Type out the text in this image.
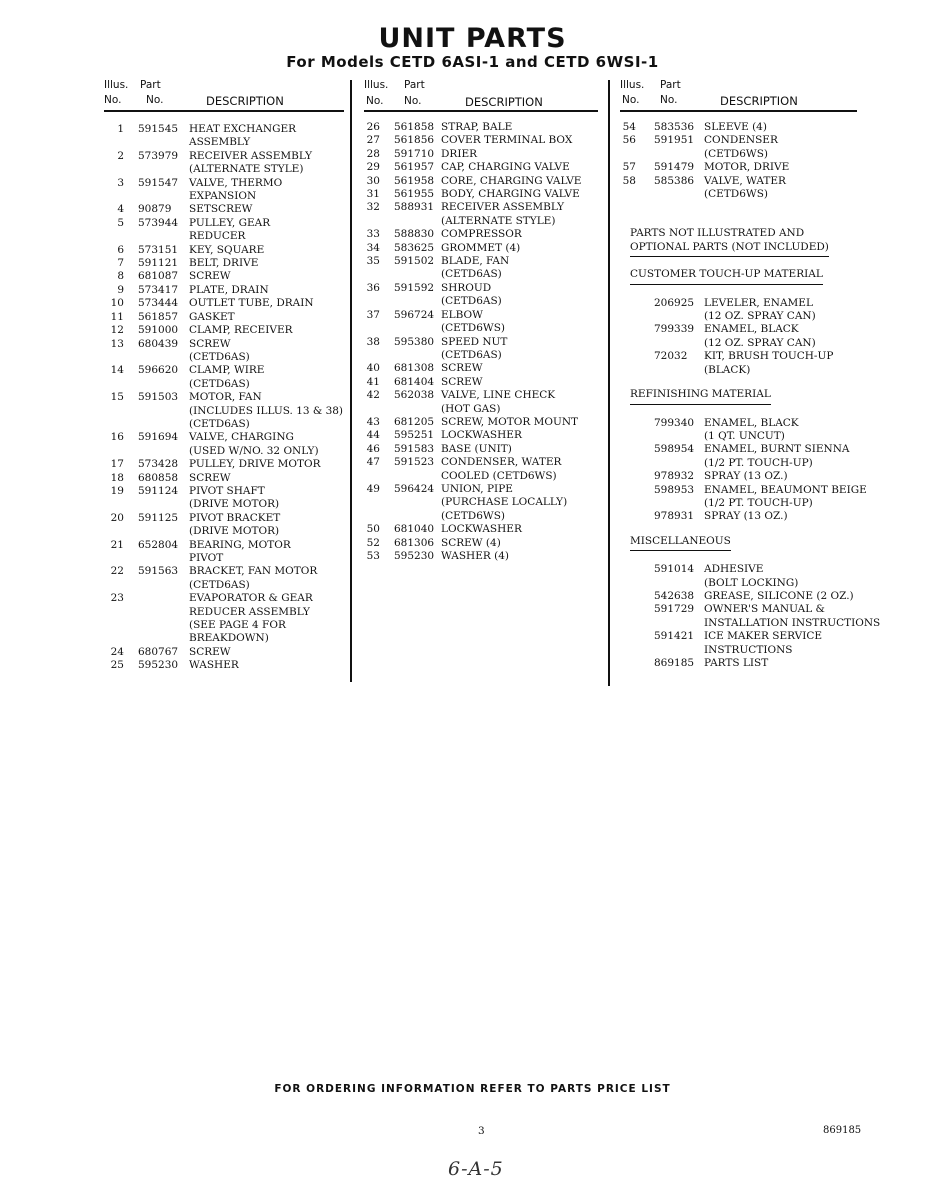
UNIT PARTS
For Models CETD 6ASI-1 and CETD 6WSI-1
Illus. Part
No. No.	DESCRIPTION
1 591545 HEAT EXCHANGER
ASSEMBLY
2 573979 RECEIVER ASSEMBLY
(ALTERNATE STYLE)
3 591547 VALVE, THERMO
EXPANSION
4 90879 SETSCREW
5 573944 PULLEY, GEAR
REDUCER
6 573151 KEY, SQUARE
7 591121 BELT, DRIVE
8 681087 SCREW
9 573417 PLATE, DRAIN
10 573444 OUTLET TUBE, DRAIN
11 561857 GASKET
12 591000 CLAMP, RECEIVER
13 680439 SCREW
(CETD6AS)
14 596620 CLAMP, WIRE
(CETD6AS)
15 591503 MOTOR, FAN
(INCLUDES ILLUS. 13 & 38)
(CETD6AS)
16 591694 VALVE, CHARGING
(USED W/NO. 32 ONLY)
17 573428 PULLEY, DRIVE MOTOR
18 680858 SCREW
19 591124 PIVOT SHAFT
(DRIVE MOTOR)
20 591125 PIVOT BRACKET
(DRIVE MOTOR)
21 652804 BEARING, MOTOR
PIVOT
22 591563 BRACKET, FAN MOTOR
(CETD6AS)
23	EVAPORATOR & GEAR
REDUCER ASSEMBLY
(SEE PAGE 4 FOR
BREAKDOWN)
24 680767 SCREW
25 595230 WASHER
Illus. Part
No. No.	DESCRIPTION
26 561858 STRAP, BALE
27 561856 COVER TERMINAL BOX
28 591710 DRIER
29 561957 CAP, CHARGING VALVE
30 561958 CORE, CHARGING VALVE
31 561955 BODY, CHARGING VALVE
32 588931 RECEIVER ASSEMBLY
(ALTERNATE STYLE)
33 588830 COMPRESSOR
34 583625 GROMMET (4)
35 591502 BLADE, FAN
(CETD6AS)
36 591592 SHROUD
(CETD6AS)
37 596724 ELBOW
(CETD6WS)
38 595380 SPEED NUT
(CETD6AS)
40 681308 SCREW
41 681404 SCREW
42 562038 VALVE, LINE CHECK
(HOT GAS)
43 681205 SCREW, MOTOR MOUNT
44 595251 LOCKWASHER
46 591583 BASE (UNIT)
47 591523 CONDENSER, WATER
COOLED (CETD6WS)
49 596424 UNION, PIPE
(PURCHASE LOCALLY)
(CETD6WS)
50 681040 LOCKWASHER
52 681306 SCREW (4)
53 595230 WASHER (4)
Illus. Part
No. No.	DESCRIPTION
54 583536 SLEEVE (4)
56 591951 CONDENSER
(CETD6WS)
57 591479 MOTOR, DRIVE
58 585386 VALVE, WATER
(CETD6WS)
PARTS NOT ILLUSTRATED AND
OPTIONAL PARTS (NOT INCLUDED)
CUSTOMER TOUCH-UP MATERIAL
206925 LEVELER, ENAMEL
(12 OZ. SPRAY CAN)
799339 ENAMEL, BLACK
(12 OZ. SPRAY CAN)
72032 KIT, BRUSH TOUCH-UP
(BLACK)
REFINISHING MATERIAL
799340 ENAMEL, BLACK
(1 QT. UNCUT)
598954 ENAMEL, BURNT SIENNA
(1/2 PT. TOUCH-UP)
978932 SPRAY (13 OZ.)
598953 ENAMEL, BEAUMONT BEIGE
(1/2 PT. TOUCH-UP)
978931 SPRAY (13 OZ.)
MISCELLANEOUS
591014 ADHESIVE
(BOLT LOCKING)
542638 GREASE, SILICONE (2 OZ.)
591729 OWNER'S MANUAL &
INSTALLATION INSTRUCTIONS
591421 ICE MAKER SERVICE
INSTRUCTIONS
869185 PARTS LIST
FOR ORDERING INFORMATION REFER TO PARTS PRICE LIST
3	869185
6-A-5
